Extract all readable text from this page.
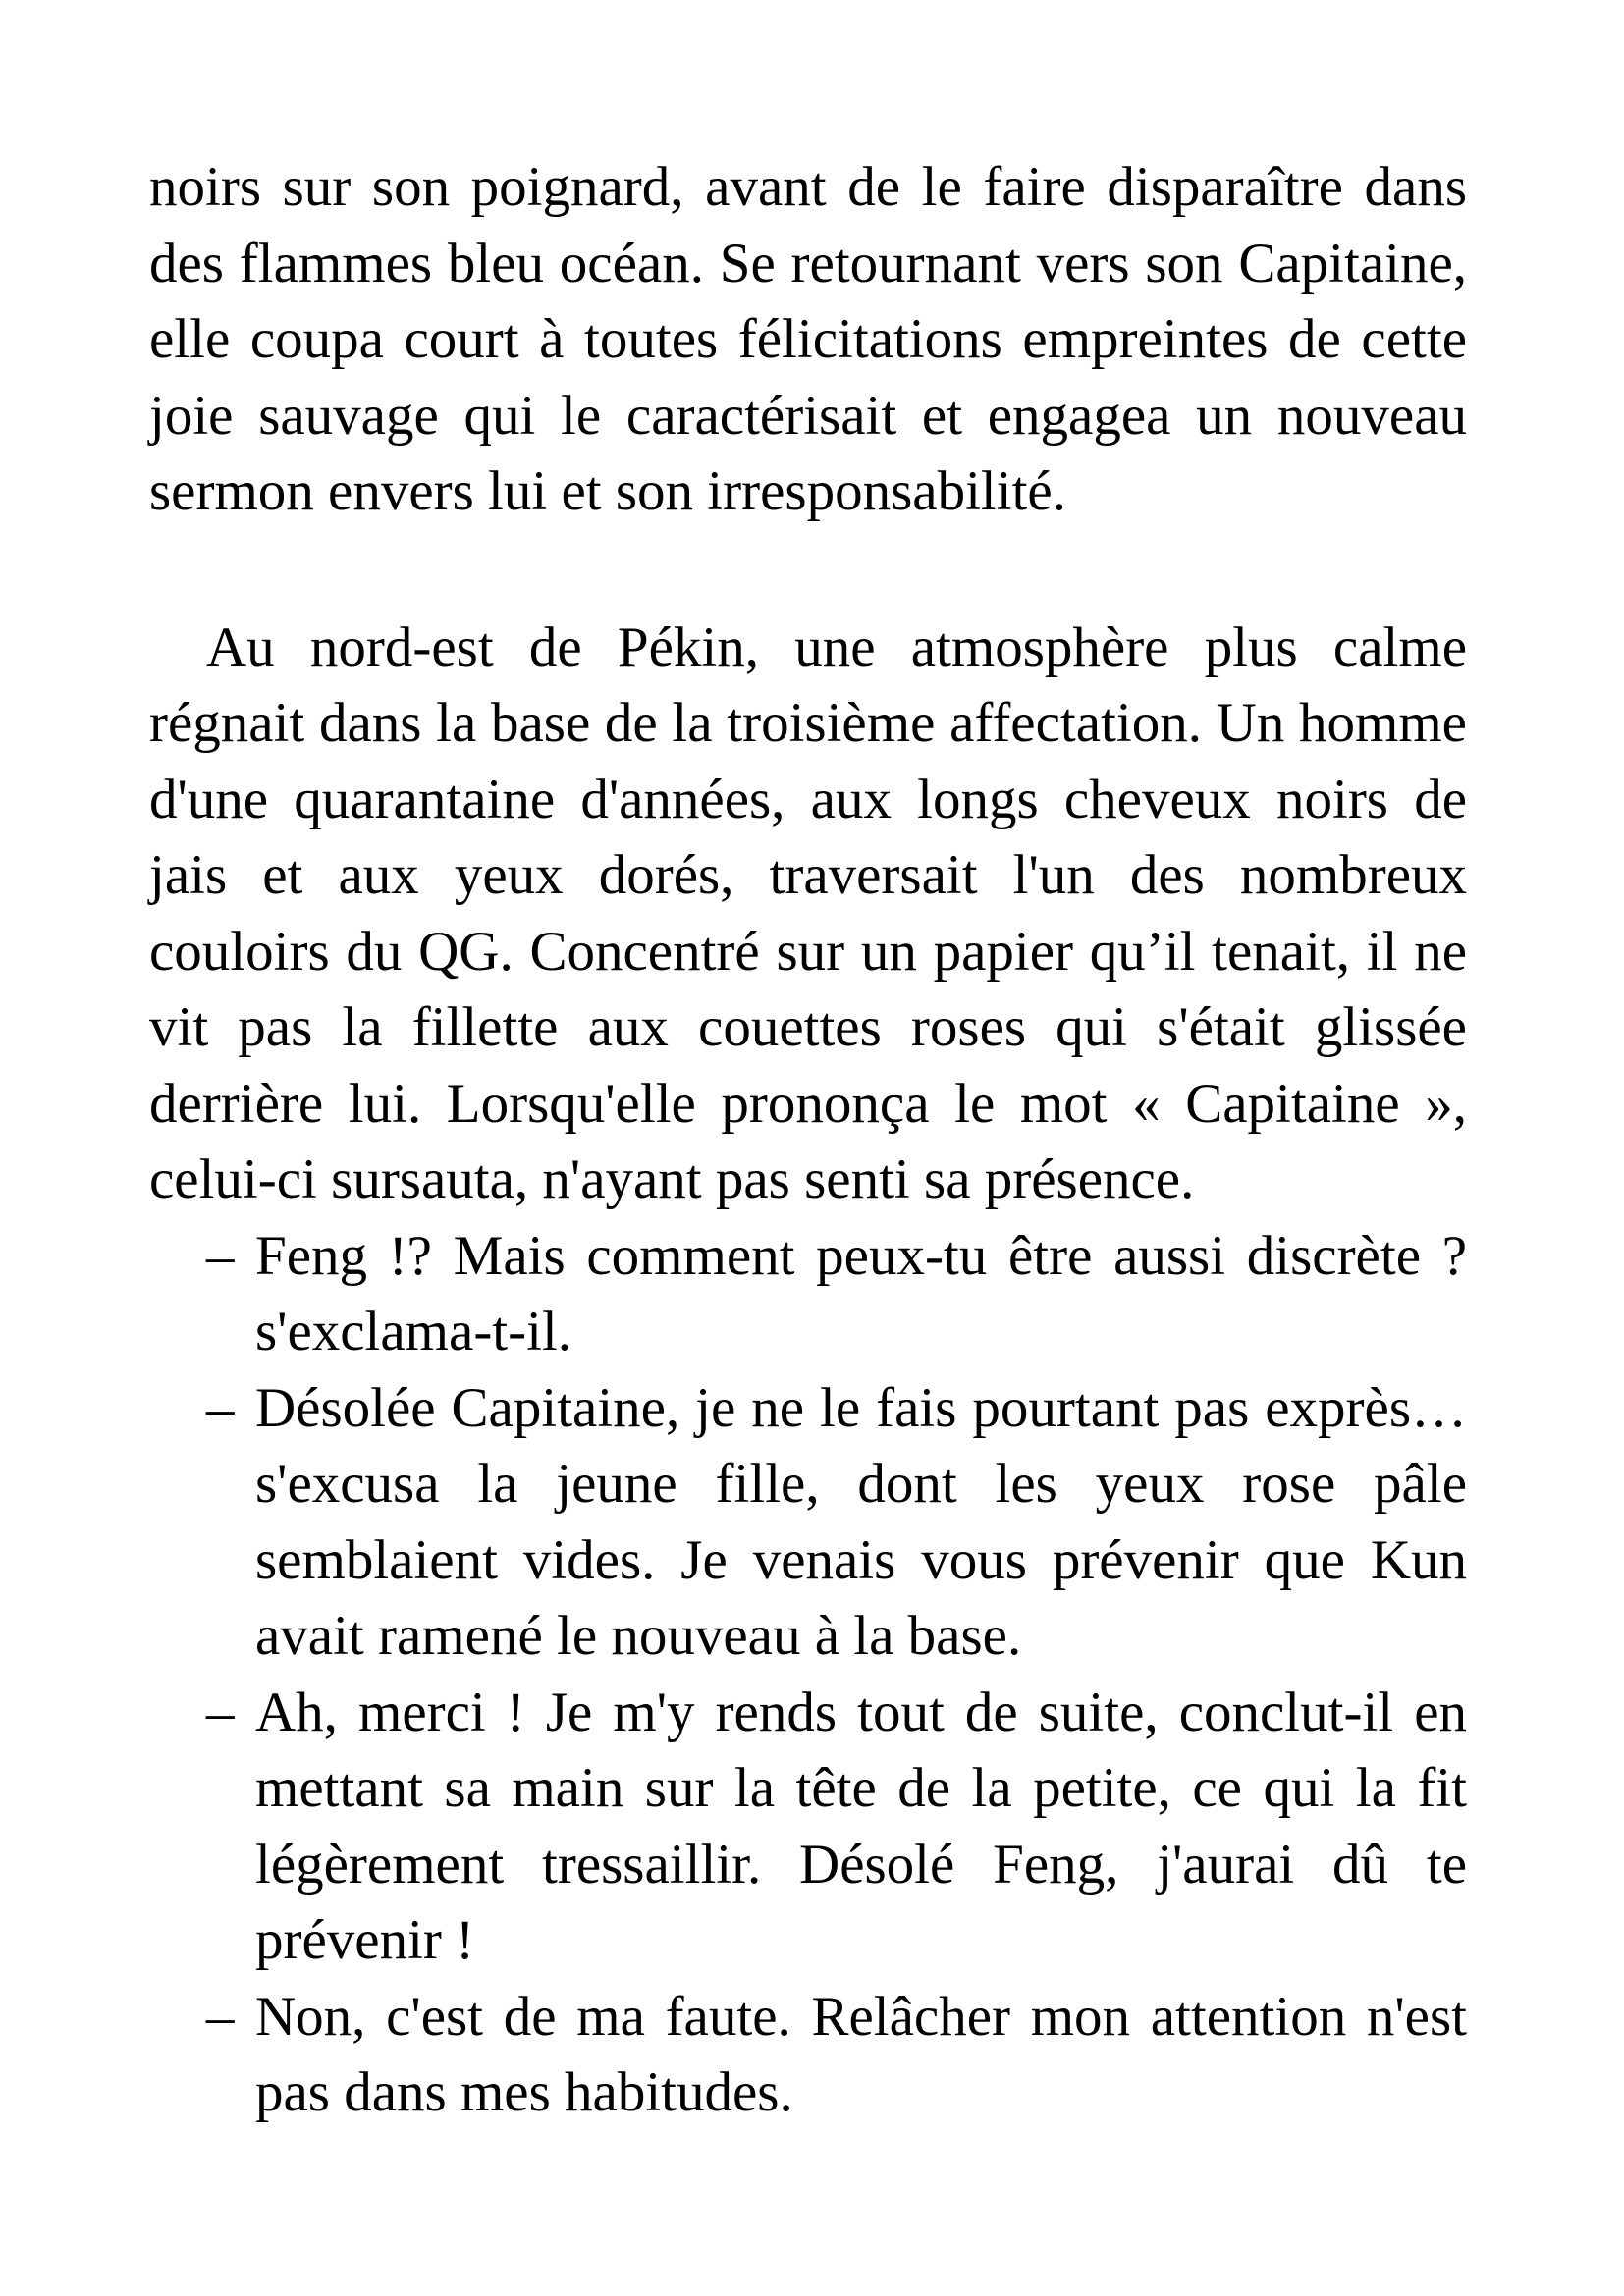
noirs sur son poignard, avant de le faire disparaître dans
des flammes bleu océan. Se retournant vers son Capitaine,
elle coupa court à toutes félicitations empreintes de cette
joie sauvage qui le caractérisait et engagea un nouveau
sermon envers lui et son irresponsabilité.
Au nord-est de Pékin, une atmosphère plus calme
régnait dans la base de la troisième affectation. Un homme
d'une quarantaine d'années, aux longs cheveux noirs de
jais et aux yeux dorés, traversait l'un des nombreux
couloirs du QG. Concentré sur un papier qu’il tenait, il ne
vit pas la fillette aux couettes roses qui s'était glissée
derrière lui. Lorsqu'elle prononça le mot « Capitaine »,
celui-ci sursauta, n'ayant pas senti sa présence.
– Feng !? Mais comment peux-tu être aussi discrète ?
s'exclama-t-il.
– Désolée Capitaine, je ne le fais pourtant pas exprès…
s'excusa la jeune fille, dont les yeux rose pâle
semblaient vides. Je venais vous prévenir que Kun
avait ramené le nouveau à la base.
– Ah, merci ! Je m'y rends tout de suite, conclut-il en
mettant sa main sur la tête de la petite, ce qui la fit
légèrement tressaillir. Désolé Feng, j'aurai dû te
prévenir !
– Non, c'est de ma faute. Relâcher mon attention n'est
pas dans mes habitudes.
